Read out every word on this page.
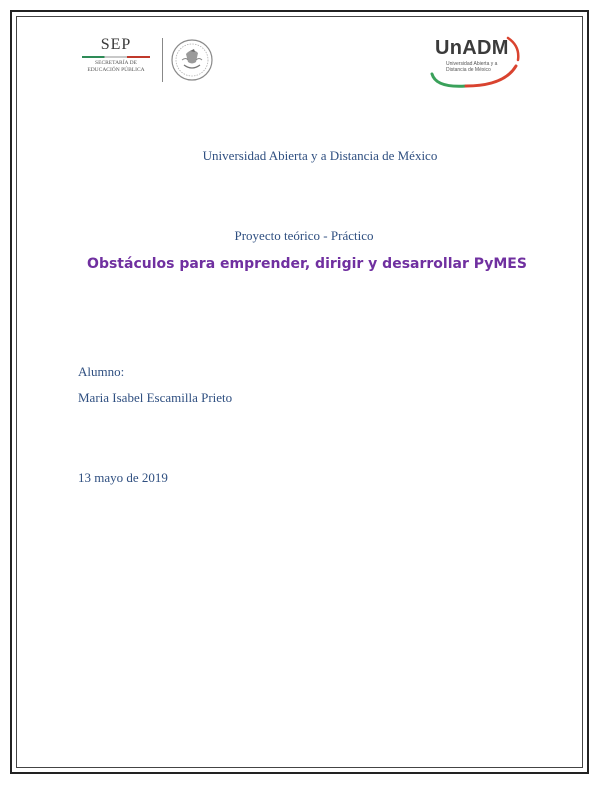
SEP
SECRETARÍA DE
EDUCACIÓN PÚBLICA
UnADM
Universidad Abierta y a
Distancia de México
Universidad Abierta y a Distancia de México
Proyecto teórico - Práctico
Obstáculos para emprender, dirigir y desarrollar PyMES
Alumno:
Maria Isabel Escamilla Prieto
13 mayo de 2019
